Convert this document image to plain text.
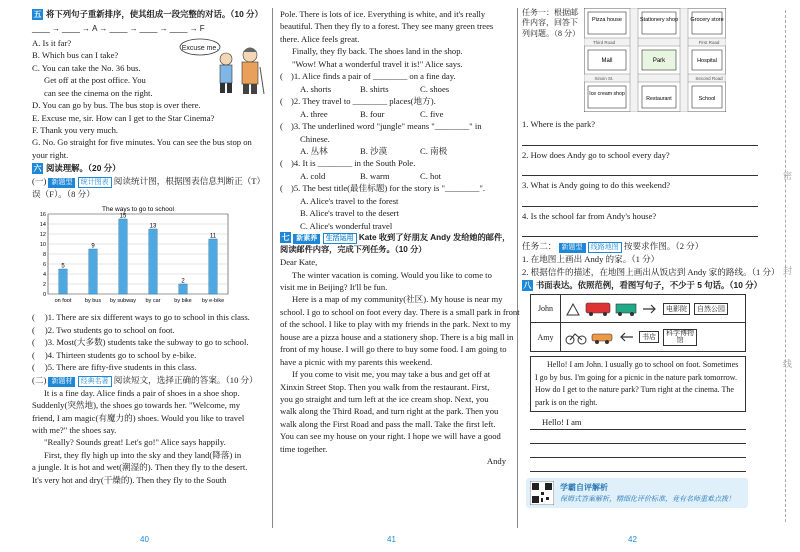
密
封
线
五 将下列句子重新排序，使其组成一段完整的对话。（10 分）
____ → ____ → A → ____ → ____ → ____ → F
Excuse me.
A. Is it far?
B. Which bus can I take?
C. You can take the No. 36 bus.
Get off at the post office. You
can see the cinema on the right.
D. You can go by bus. The bus stop is over there.
E. Excuse me, sir. How can I get to the Star Cinema?
F. Thank you very much.
G. No. Go straight for five minutes. You can see the bus stop on your right.
六 阅读理解。（20 分）
(一) 新题型 统计图表 阅读统计图，根据图表信息判断正（T）误（F）。（8 分）
The ways to go to school
0
2
4
6
8
10
12
14
16
5
on foot
9
by bus
15
by subway
13
by car
2
by bike
11
by e-bike
( )1. There are six different ways to go to school in this class.
( )2. Two students go to school on foot.
( )3. Most(大多数) students take the subway to go to school.
( )4. Thirteen students go to school by e-bike.
( )5. There are fifty-five students in this class.
(二) 新题材 经典名著 阅读短文，选择正确的答案。（10 分）
It is a fine day. Alice finds a pair of shoes in a shoe shop.
Suddenly(突然地), the shoes go towards her. "Welcome, my
friend, I am magic(有魔力的) shoes. Would you like to travel
with me?" the shoes say.
"Really? Sounds great! Let's go!" Alice says happily.
First, they fly high up into the sky and they land(降落) in
a jungle. It is hot and wet(潮湿的). Then they fly to the desert.
It's very hot and dry(干燥的). Then they fly to the South
40
Pole. There is lots of ice. Everything is white, and it's really
beautiful. Then they fly to a forest. They see many green trees
there. Alice feels great.
Finally, they fly back. The shoes land in the shop.
"Wow! What a wonderful travel it is!" Alice says.
( )1. Alice finds a pair of ________ on a fine day.
A. shorts	B. shirts	C. shoes
( )2. They travel to ________ places(地方).
A. three	B. four	C. five
( )3. The underlined word "jungle" means "________" in
Chinese.
A. 丛林	B. 沙漠	C. 南极
( )4. It is ________ in the South Pole.
A. cold	B. warm	C. hot
( )5. The best title(最佳标题) for the story is "________".
A. Alice's travel to the forest
B. Alice's travel to the desert
C. Alice's wonderful travel
七 新素养 生活运用 Kate 收到了好朋友 Andy 发给她的邮件，阅读邮件内容，完成下列任务。（10 分）
Dear Kate,
The winter vacation is coming. Would you like to come to
visit me in Beijing? It'll be fun.
Here is a map of my community(社区). My house is near my
school. I go to school on foot every day. There is a small park in front
of the school. I like to play with my friends in the park. Next to my
house are a pizza house and a stationery shop. There is a big mall in
front of my house. I will go there to buy some food. I am going to
have a picnic with my parents this weekend.
If you come to visit me, you may take a bus and get off at
Xinxin Street Stop. Then you walk from the restaurant. First,
you go straight and turn left at the ice cream shop. Next, you
walk along the Third Road, and turn right at the park. Then you
walk along the First Road and pass the mall. Take the first left.
You can see my house on your right. I hope we will have a good
time together.
Andy
41
任务一：根据邮件内容，回答下列问题。（8 分）
Pizza house	Stationery shop Grocery store
Mall	Park	Hospital
Ice cream shop
Restaurant	School
First Road
Second Road
Third Road
Xinxin St.
1. Where is the park?
2. How does Andy go to school every day?
3. What is Andy going to do this weekend?
4. Is the school far from Andy's house?
任务二： 新题型 线路地图 按要求作图。（2 分）
1. 在地图上画出 Andy 的家。（1 分）
2. 根据信件的描述，在地图上画出从饭店到 Andy 家的路线。（1 分）
八 书面表达。依照范例，看图写句子，不少于 5 句话。（10 分）
John	电影院	自然公园
Amy	书店
科学博物馆
Hello! I am John. I usually go to school on foot. Sometimes I go by bus. I'm going for a picnic in the nature park tomorrow. How do I get to the nature park? Turn right at the cinema. The park is on the right.
Hello! I am
学霸自评解析
保姆式答案解析，精细化评价标准，竟有名师重难点拨！
42
